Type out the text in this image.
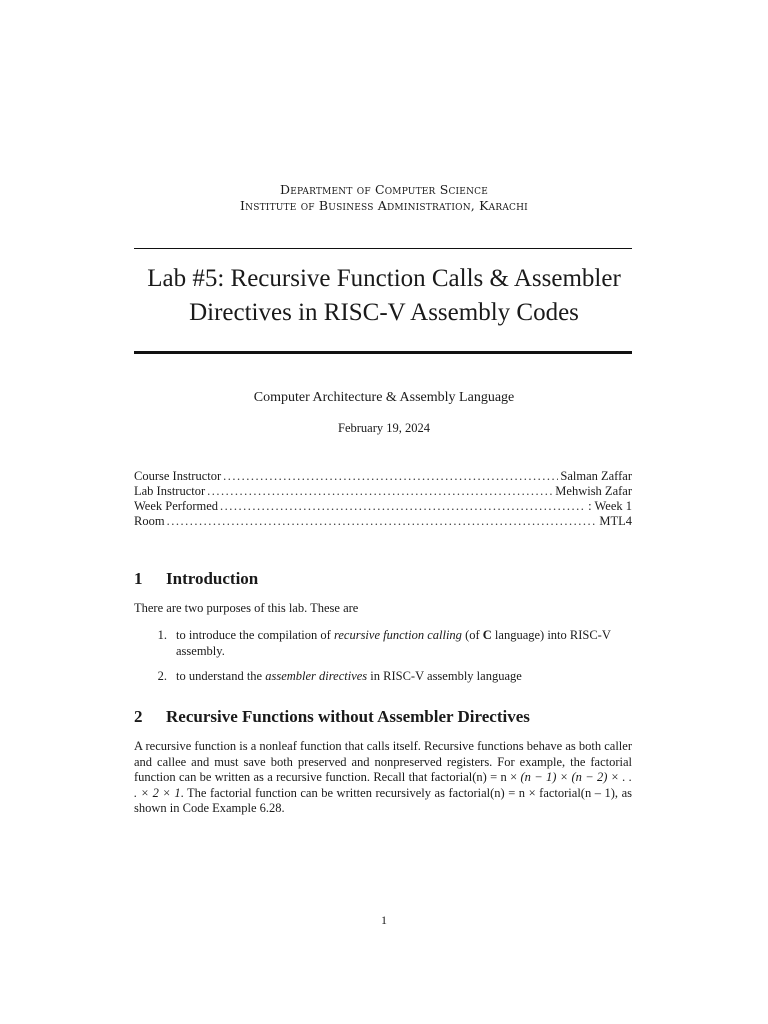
Department of Computer Science
Institute of Business Administration, Karachi
Lab #5: Recursive Function Calls & Assembler
Directives in RISC-V Assembly Codes
Computer Architecture & Assembly Language
February 19, 2024
Course Instructor .....	Salman Zaffar
Lab Instructor .....	Mehwish Zafar
Week Performed .....	: Week 1
Room .....	MTL4
1 Introduction
There are two purposes of this lab. These are
1. to introduce the compilation of recursive function calling (of C language) into RISC-V assembly.
2. to understand the assembler directives in RISC-V assembly language
2 Recursive Functions without Assembler Directives
A recursive function is a nonleaf function that calls itself. Recursive functions behave as both caller and callee and must save both preserved and nonpreserved registers. For example, the factorial function can be written as a recursive function. Recall that factorial(n) = n × (n − 1) × (n − 2) × . . . × 2 × 1. The factorial function can be written recursively as factorial(n) = n × factorial(n – 1), as shown in Code Example 6.28.
1
